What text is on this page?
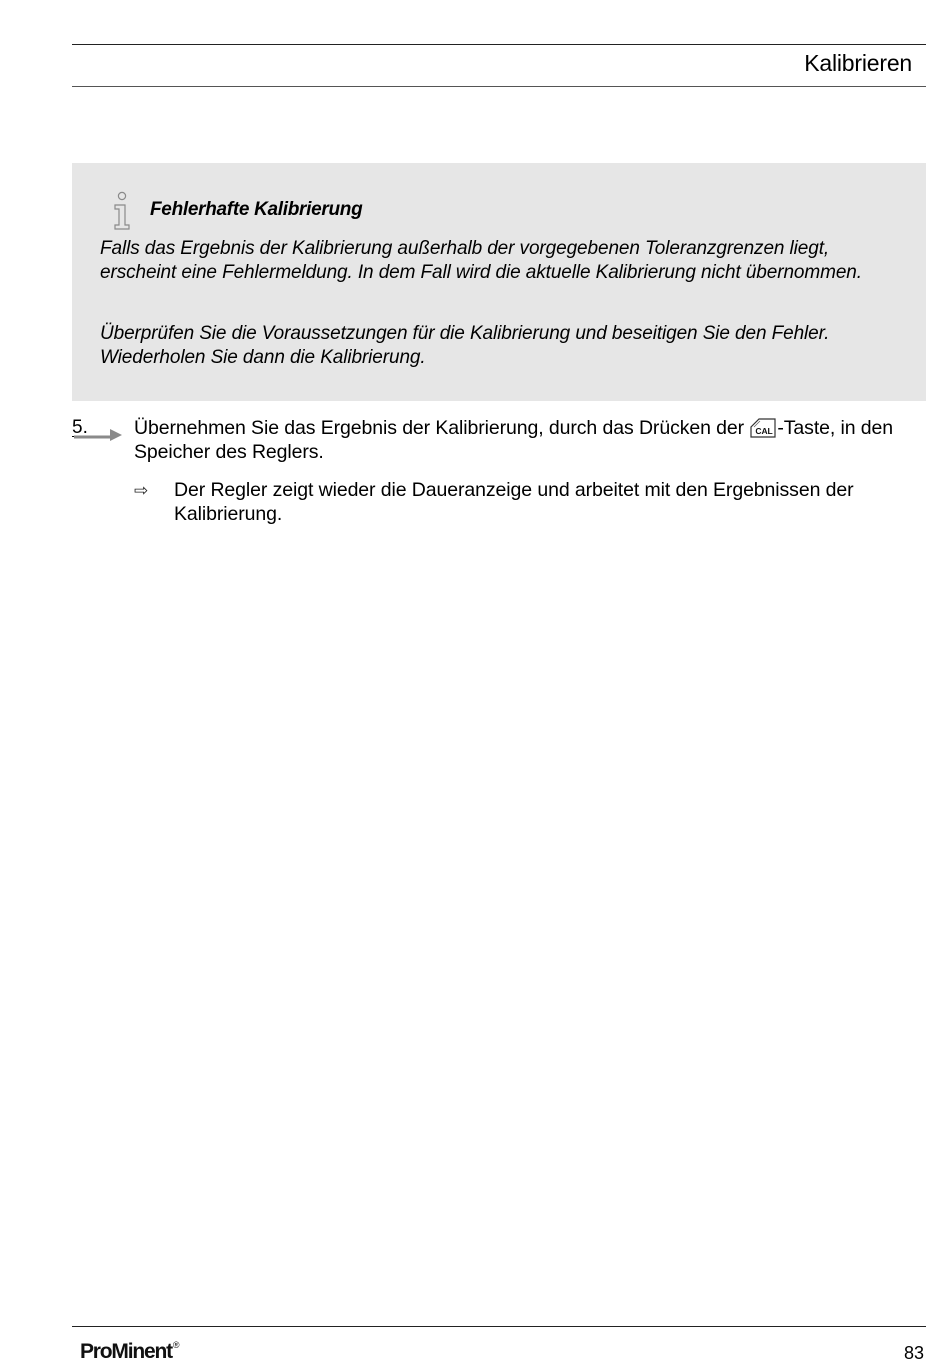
Kalibrieren
Fehlerhafte Kalibrierung

Falls das Ergebnis der Kalibrierung außerhalb der vorgegebenen Toleranzgrenzen liegt, erscheint eine Fehlermeldung. In dem Fall wird die aktuelle Kalibrierung nicht übernommen.

Überprüfen Sie die Voraussetzungen für die Kalibrierung und beseitigen Sie den Fehler. Wiederholen Sie dann die Kalibrierung.

5. Übernehmen Sie das Ergebnis der Kalibrierung, durch das Drücken der CAL -Taste, in den Speicher des Reglers.

⇨ Der Regler zeigt wieder die Daueranzeige und arbeitet mit den Ergebnissen der Kalibrierung.

ProMinent®	83
